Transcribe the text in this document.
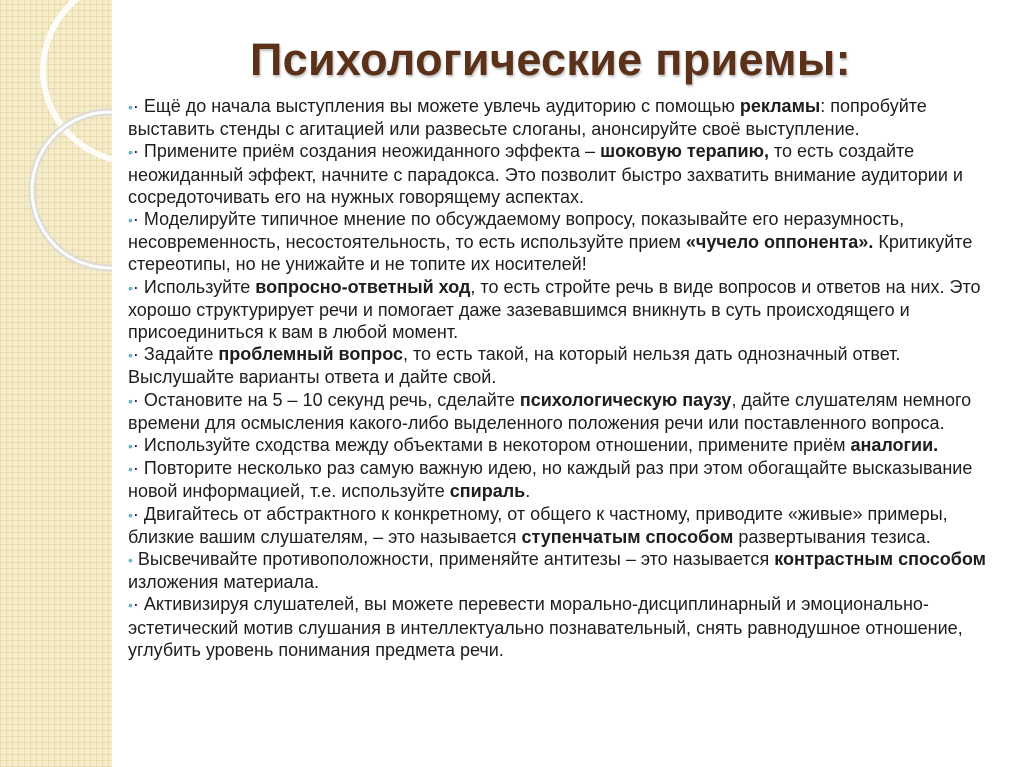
Психологические приемы:

•· Ещё до начала выступления вы можете увлечь аудиторию с помощью рекламы: попробуйте выставить стенды с агитацией или развесьте слоганы, анонсируйте своё выступление.

•· Примените приём создания неожиданного эффекта – шоковую терапию, то есть создайте неожиданный эффект, начните с парадокса. Это позволит быстро захватить внимание аудитории и сосредоточивать его на нужных говорящему аспектах.

•· Моделируйте типичное мнение по обсуждаемому вопросу, показывайте его неразумность, несовременность, несостоятельность, то есть используйте прием «чучело оппонента». Критикуйте стереотипы, но не унижайте и не топите их носителей!

•· Используйте вопросно-ответный ход, то есть стройте речь в виде вопросов и ответов на них. Это хорошо структурирует речи и помогает даже зазевавшимся вникнуть в суть происходящего и присоединиться к вам в любой момент.

•· Задайте проблемный вопрос, то есть такой, на который нельзя дать однозначный ответ. Выслушайте варианты ответа и дайте свой.

•· Остановите на 5 – 10 секунд речь, сделайте психологическую паузу, дайте слушателям немного времени для осмысления какого-либо выделенного положения речи или поставленного вопроса.

•· Используйте сходства между объектами в некотором отношении, примените приём аналогии.

•· Повторите несколько раз самую важную идею, но каждый раз при этом обогащайте высказывание новой информацией, т.е. используйте спираль.

•· Двигайтесь от абстрактного к конкретному, от общего к частному, приводите «живые» примеры, близкие вашим слушателям, – это называется ступенчатым способом развертывания тезиса.

• Высвечивайте противоположности, применяйте антитезы – это называется контрастным способом изложения материала.

•· Активизируя слушателей, вы можете перевести морально-дисциплинарный и эмоционально-эстетический мотив слушания в интеллектуально познавательный, снять равнодушное отношение, углубить уровень понимания предмета речи.
